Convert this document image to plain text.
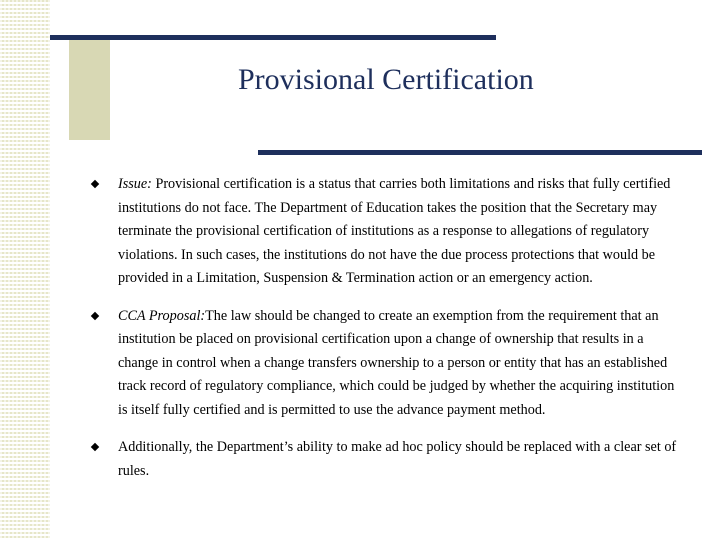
Provisional Certification
Issue: Provisional certification is a status that carries both limitations and risks that fully certified institutions do not face. The Department of Education takes the position that the Secretary may terminate the provisional certification of institutions as a response to allegations of regulatory violations. In such cases, the institutions do not have the due process protections that would be provided in a Limitation, Suspension & Termination action or an emergency action.
CCA Proposal:The law should be changed to create an exemption from the requirement that an institution be placed on provisional certification upon a change of ownership that results in a change in control when a change transfers ownership to a person or entity that has an established track record of regulatory compliance, which could be judged by whether the acquiring institution is itself fully certified and is permitted to use the advance payment method.
Additionally, the Department’s ability to make ad hoc policy should be replaced with a clear set of rules.
